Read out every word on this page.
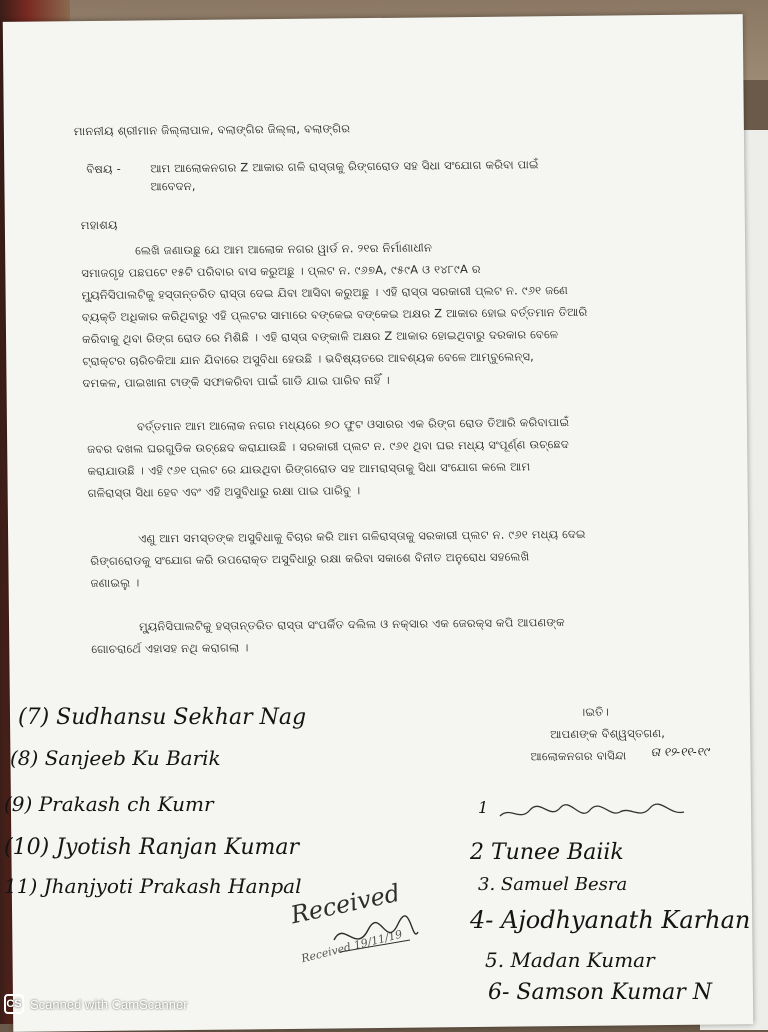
ମାନନୀୟ ଶ୍ରୀମାନ ଜିଲ୍ଲାପାଳ, ବଲାଙ୍ଗିର ଜିଲ୍ଲା, ବଲାଙ୍ଗିର
ବିଷୟ -	ଆମ ଆଲୋକନଗର Z ଆକାର ଗଳି ରାସ୍ତାକୁ ରିଙ୍ଗରୋଡ ସହ ସିଧା ସଂଯୋଗ କରିବା ପାଇଁ
ଆବେଦନ,
ମହାଶୟ
ଲେଖି ଜଣାଉଛୁ ଯେ ଆମ ଆଲୋକ ନଗର ୱାର୍ଡ ନ. ୨୧ର ନିର୍ମାଣାଧୀନ
ସମାଜଗୃହ ପଛପଟେ ୧୫ଟି ପରିବାର ବାସ କରୁଅଛୁ । ପ୍ଲଟ ନ. ୯୬୭A, ୯୫୯A ଓ ୧୪୮୯A ର
ମ୍ୟୁନିସିପାଲଟିକୁ ହସ୍ତାନ୍ତରିତ ରାସ୍ତା ଦେଇ ଯିବା ଆସିବା କରୁଅଛୁ । ଏହି ରାସ୍ତା ସରକାରୀ ପ୍ଲଟ ନ. ୯୬୧ ଜଣେ
ବ୍ୟକ୍ତି ଅଧିକାର କରିଥିବାରୁ ଏହି ପ୍ଲଟର ସାମାରେ ବଙ୍କେଇ ବଙ୍କେଇ ଅକ୍ଷର Z ଆକାର ହୋଇ ବର୍ତ୍ତମାନ ତିଆରି
କରିବାକୁ ଥିବା ରିଙ୍ଗ ରୋଡ ରେ ମିଶିଛି । ଏହି ରାସ୍ତା ବଙ୍କାଳି ଅକ୍ଷର Z ଆକାର ହୋଇଥିବାରୁ ଦରକାର ବେଳେ
ଟ୍ରାକ୍ଟର ଚାରିଚକିଆ ଯାନ ଯିବାରେ ଅସୁବିଧା ହେଉଛି । ଭବିଷ୍ୟତରେ ଆବଶ୍ୟକ ବେଳେ ଆମ୍ବୁଲେନ୍ସ,
ଦମକଳ, ପାଇଖାନା ଟାଙ୍କି ସଫାକରିବା ପାଇଁ ଗାଡି ଯାଇ ପାରିବ ନାହିଁ ।
ବର୍ତ୍ତମାନ ଆମ ଆଲୋକ ନଗର ମଧ୍ୟରେ ୭୦ ଫୁଟ ଓସାରର ଏକ ରିଙ୍ଗ ରୋଡ ତିଆରି କରିବାପାଇଁ
ଜବର ଦଖଲ ଘରଗୁଡିକ ଉଚ୍ଛେଦ କରାଯାଉଛି । ସରକାରୀ ପ୍ଲଟ ନ. ୯୬୧ ଥିବା ଘର ମଧ୍ୟ ସଂପୂର୍ଣ୍ଣ ଉଚ୍ଛେଦ
କରାଯାଉଛି । ଏହି ୯୬୧ ପ୍ଲଟ ରେ ଯାଉଥିବା ରିଙ୍ଗରୋଡ ସହ ଆମରାସ୍ତାକୁ ସିଧା ସଂଯୋଗ କଲେ ଆମ
ଗଳିରାସ୍ତା ସିଧା ହେବ ଏବଂ ଏହି ଅସୁବିଧାରୁ ରକ୍ଷା ପାଇ ପାରିବୁ ।
ଏଣୁ ଆମ ସମସ୍ତଙ୍କ ଅସୁବିଧାକୁ ବିଚାର କରି ଆମ ଗଳିରାସ୍ତାକୁ ସରକାରୀ ପ୍ଲଟ ନ. ୯୬୧ ମଧ୍ୟ ଦେଇ
ରିଙ୍ଗରୋଡକୁ ସଂଯୋଗ କରି ଉପରୋକ୍ତ ଅସୁବିଧାରୁ ରକ୍ଷା କରିବା ସକାଶେ ବିନୀତ ଅନୁରୋଧ ସହଲେଖି
ଜଣାଇଲୁ ।
ମ୍ୟୁନିସିପାଲଟିକୁ ହସ୍ତାନ୍ତରିତ ରାସ୍ତା ସଂପର୍କିତ ଦଲିଲ ଓ ନକ୍ସାର ଏକ ଜେରକ୍ସ କପି ଆପଣଙ୍କ
ଗୋଚରାର୍ଥେ ଏହାସହ ନଥି କରାଗଲା ।
।ଇତି।
ଆପଣଙ୍କ ବିଶ୍ୱସ୍ତଗଣ,
ଆଲୋକନଗର ବାସିନ୍ଦା ତା ୧୨-୧୧-୧୯
(7) Sudhansu Sekhar Nag
(8) Sanjeeb Ku Barik
(9) Prakash ch Kumr
(10) Jyotish Ranjan Kumar
11) Jhanjyoti Prakash Hanpal
1
2 Tunee Baiik
3. Samuel Besra
4- Ajodhyanath Karhan
5. Madan Kumar
6- Samson Kumar N
Received
Received 19/11/19
CS Scanned with CamScanner
